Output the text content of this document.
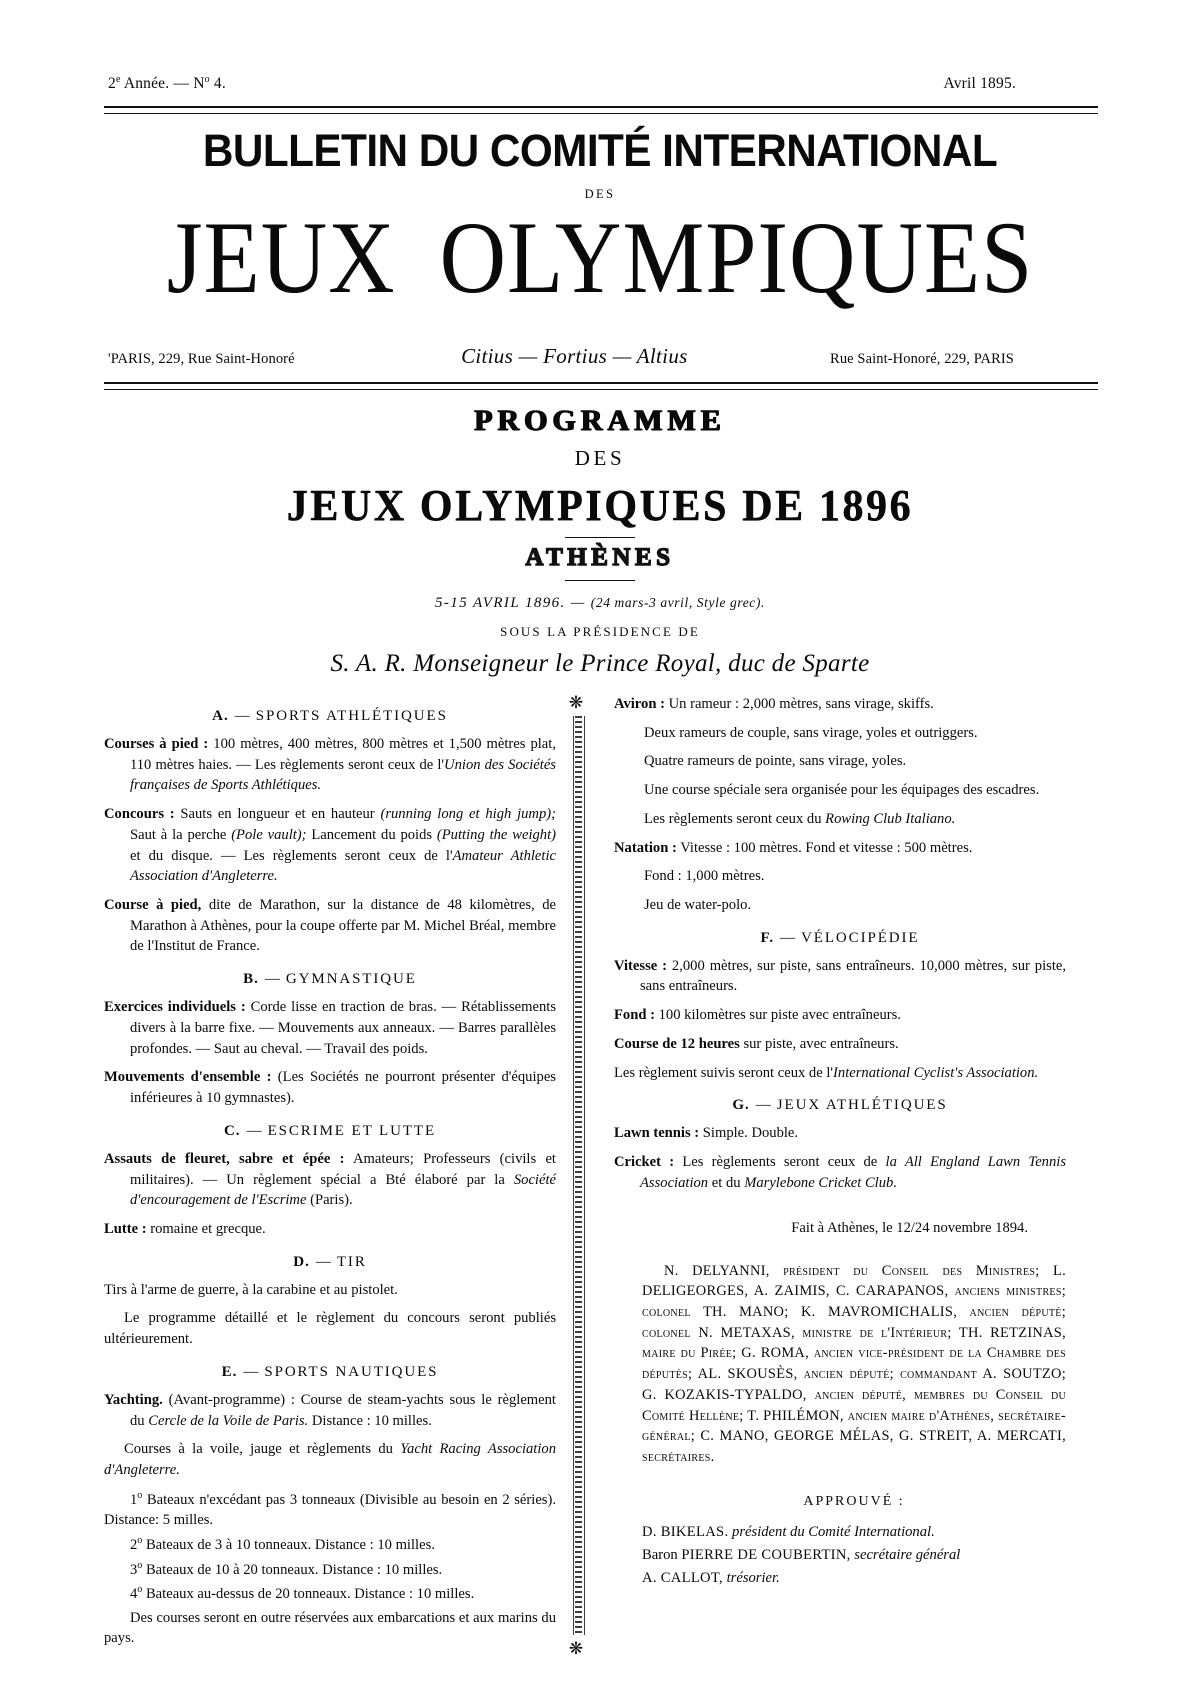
2e Année. — $N^o$ 4.	Avril 1895.
BULLETIN DU COMITÉ INTERNATIONAL
DES
JEUX OLYMPIQUES
'PARIS, 229, Rue Saint-Honoré	Citius — Fortius — Altius	Rue Saint-Honoré, 229, PARIS
PROGRAMME
DES
JEUX OLYMPIQUES DE 1896
ATHÈNES
5-15 AVRIL 1896. — (24 mars-3 avril, Style grec).
SOUS LA PRÉSIDENCE DE
S. A. R. Monseigneur le Prince Royal, duc de Sparte
A. — SPORTS ATHLÉTIQUES

Courses à pied : 100 mètres, 400 mètres, 800 mètres et 1,500 mètres plat, 110 mètres haies. — Les règlements seront ceux de l'Union des Sociétés françaises de Sports Athlétiques.

Concours : Sauts en longueur et en hauteur (running long et high jump); Saut à la perche (Pole vault); Lancement du poids (Putting the weight) et du disque. — Les règlements seront ceux de l'Amateur Athletic Association d'Angleterre.

Course à pied, dite de Marathon, sur la distance de 48 kilomètres, de Marathon à Athènes, pour la coupe offerte par M. Michel Bréal, membre de l'Institut de France.

B. — GYMNASTIQUE

Exercices individuels : Corde lisse en traction de bras. — Rétablissements divers à la barre fixe. — Mouvements aux anneaux. — Barres parallèles profondes. — Saut au cheval. — Travail des poids.

Mouvements d'ensemble : (Les Sociétés ne pourront présenter d'équipes inférieures à 10 gymnastes).

C. — ESCRIME ET LUTTE

Assauts de fleuret, sabre et épée : Amateurs; Professeurs (civils et militaires). — Un règlement spécial a Bté élaboré par la Société d'encouragement de l'Escrime (Paris).

Lutte : romaine et grecque.

D. — TIR

Tirs à l'arme de guerre, à la carabine et au pistolet.

Le programme détaillé et le règlement du concours seront publiés ultérieurement.

E. — SPORTS NAUTIQUES

Yachting. (Avant-programme) : Course de steam-yachts sous le règlement du Cercle de la Voile de Paris. Distance : 10 milles.

Courses à la voile, jauge et règlements du Yacht Racing Association d'Angleterre.

1$^o$ Bateaux n'excédant pas 3 tonneaux (Divisible au besoin en 2 séries). Distance: 5 milles.

2$^o$ Bateaux de 3 à 10 tonneaux. Distance : 10 milles.

3$^o$ Bateaux de 10 à 20 tonneaux. Distance : 10 milles.

4$^o$ Bateaux au-dessus de 20 tonneaux. Distance : 10 milles.

Des courses seront en outre réservées aux embarcations et aux marins du pays.

❋
❋

Aviron : Un rameur : 2,000 mètres, sans virage, skiffs.

Deux rameurs de couple, sans virage, yoles et outriggers.

Quatre rameurs de pointe, sans virage, yoles.

Une course spéciale sera organisée pour les équipages des escadres.

Les règlements seront ceux du Rowing Club Italiano.

Natation : Vitesse : 100 mètres. Fond et vitesse : 500 mètres.

Fond : 1,000 mètres.

Jeu de water-polo.

F. — VÉLOCIPÉDIE

Vitesse : 2,000 mètres, sur piste, sans entraîneurs. 10,000 mètres, sur piste, sans entraîneurs.

Fond : 100 kilomètres sur piste avec entraîneurs.

Course de 12 heures sur piste, avec entraîneurs.

Les règlement suivis seront ceux de l'International Cyclist's Association.

G. — JEUX ATHLÉTIQUES

Lawn tennis : Simple. Double.

Cricket : Les règlements seront ceux de la All England Lawn Tennis Association et du Marylebone Cricket Club.

Fait à Athènes, le 12/24 novembre 1894.

N. DELYANNI, président du Conseil des Ministres; L. DELIGEORGES, A. ZAIMIS, C. CARAPANOS, anciens ministres; colonel TH. MANO; K. MAVROMICHALIS, ancien député; colonel N. METAXAS, ministre de l'Intérieur; TH. RETZINAS, maire du Pirée; G. ROMA, ancien vice-président de la Chambre des députés; AL. SKOUSÈS, ancien député; commandant A. SOUTZO; G. KOZAKIS-TYPALDO, ancien député, membres du Conseil du Comité Hellène; T. PHILÉMON, ancien maire d'Athènes, secrétaire-général; C. MANO, GEORGE MÉLAS, G. STREIT, A. MERCATI, secrétaires.

APPROUVÉ :

D. BIKELAS. président du Comité International.

Baron PIERRE DE COUBERTIN, secrétaire général

A. CALLOT, trésorier.
